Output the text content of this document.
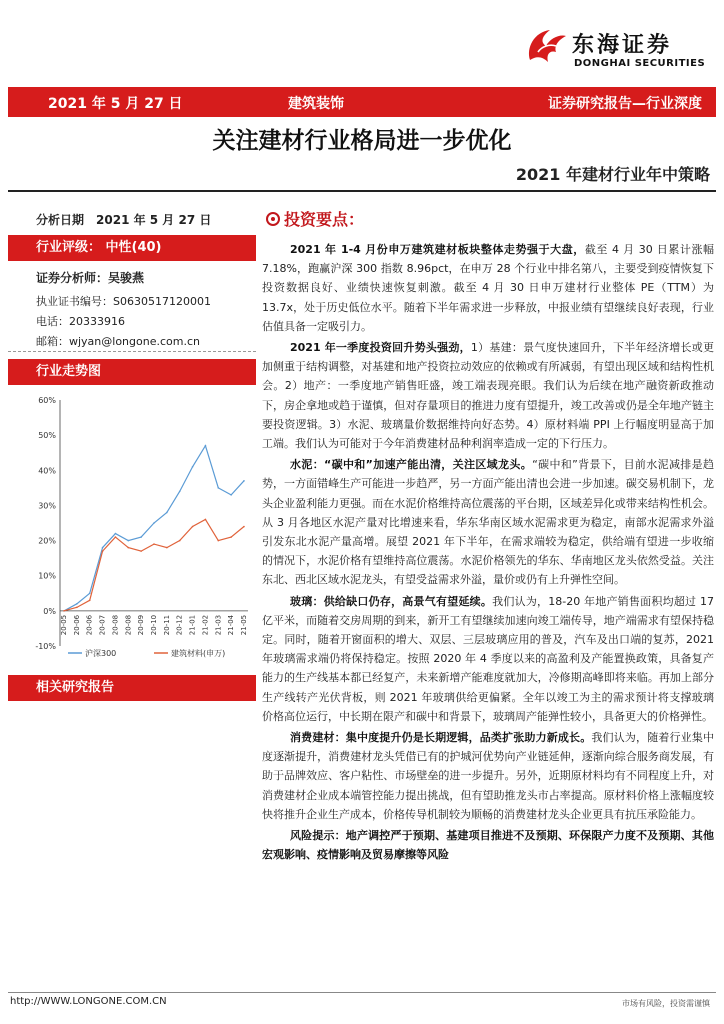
东海证券
DONGHAI SECURITIES
2021 年 5 月 27 日	建筑装饰	证券研究报告—行业深度
关注建材行业格局进一步优化
2021 年建材行业年中策略
分析日期 2021 年 5 月 27 日
行业评级： 中性(40)
证券分析师：吴骏燕
执业证书编号：S0630517120001
电话：20333916
邮箱：wjyan@longone.com.cn
行业走势图
相关研究报告
60%
50%
40%
30%
20%
10%
0%
-10%
20-05 20-06 20-06 20-07 20-08 20-08 20-09 20-10 20-11 20-12 21-01 21-02 21-03 21-04 21-05
沪深300	建筑材料(申万)
投资要点：

2021 年 1-4 月份申万建筑建材板块整体走势强于大盘，截至 4 月 30 日累计涨幅 7.18%，跑赢沪深 300 指数 8.96pct，在申万 28 个行业中排名第八，主要受到疫情恢复下投资数据良好、业绩快速恢复刺激。截至 4 月 30 日申万建材行业整体 PE（TTM）为 13.7x，处于历史低位水平。随着下半年需求进一步释放，中报业绩有望继续良好表现，行业估值具备一定吸引力。

2021 年一季度投资回升势头强劲，1）基建：景气度快速回升，下半年经济增长或更加侧重于结构调整，对基建和地产投资拉动效应的依赖或有所减弱，有望出现区域和结构性机会。2）地产：一季度地产销售旺盛，竣工端表现亮眼。我们认为后续在地产融资新政推动下，房企拿地或趋于谨慎，但对存量项目的推进力度有望提升，竣工改善或仍是全年地产链主要投资逻辑。3）水泥、玻璃量价数据维持向好态势。4）原材料端 PPI 上行幅度明显高于加工端。我们认为可能对于今年消费建材品种利润率造成一定的下行压力。

水泥：“碳中和”加速产能出清，关注区域龙头。“碳中和”背景下，目前水泥减排是趋势，一方面错峰生产可能进一步趋严，另一方面产能出清也会进一步加速。碳交易机制下，龙头企业盈利能力更强。而在水泥价格维持高位震荡的平台期，区域差异化或带来结构性机会。从 3 月各地区水泥产量对比增速来看，华东华南区域水泥需求更为稳定，南部水泥需求外溢引发东北水泥产量高增。展望 2021 年下半年，在需求端较为稳定，供给端有望进一步收缩的情况下，水泥价格有望维持高位震荡。水泥价格领先的华东、华南地区龙头依然受益。关注东北、西北区域水泥龙头，有望受益需求外溢，量价或仍有上升弹性空间。

玻璃：供给缺口仍存，高景气有望延续。我们认为，18-20 年地产销售面积均超过 17 亿平米，而随着交房周期的到来，新开工有望继续加速向竣工端传导，地产端需求有望保持稳定。同时，随着开窗面积的增大、双层、三层玻璃应用的普及，汽车及出口端的复苏，2021 年玻璃需求端仍将保持稳定。按照 2020 年 4 季度以来的高盈利及产能置换政策，具备复产能力的生产线基本都已经复产，未来新增产能难度就加大，冷修期高峰即将来临。再加上部分生产线转产光伏背板，则 2021 年玻璃供给更偏紧。全年以竣工为主的需求预计将支撑玻璃价格高位运行，中长期在限产和碳中和背景下，玻璃周产能弹性较小，具备更大的价格弹性。

消费建材：集中度提升仍是长期逻辑，品类扩张助力新成长。我们认为，随着行业集中度逐渐提升，消费建材龙头凭借已有的护城河优势向产业链延伸，逐渐向综合服务商发展，有助于品牌效应、客户粘性、市场壁垒的进一步提升。另外，近期原材料均有不同程度上升，对消费建材企业成本端管控能力提出挑战，但有望助推龙头市占率提高。原材料价格上涨幅度较快将推升企业生产成本，价格传导机制较为顺畅的消费建材龙头企业更具有抗压承险能力。

风险提示：地产调控严于预期、基建项目推进不及预期、环保限产力度不及预期、其他宏观影响、疫情影响及贸易摩擦等风险

http://WWW.LONGONE.COM.CN	市场有风险，投资需谨慎
